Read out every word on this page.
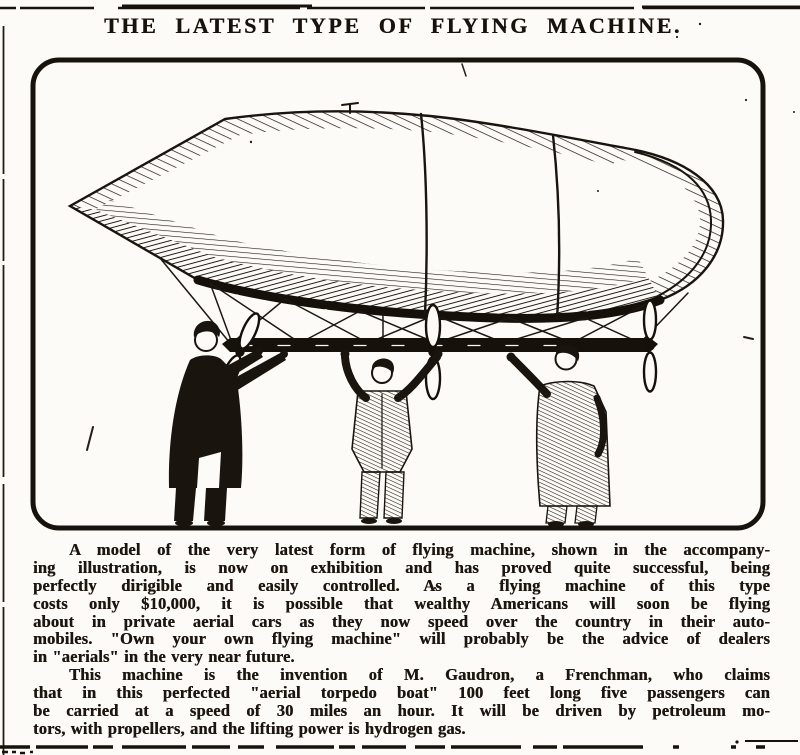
THE LATEST TYPE OF FLYING MACHINE.
A model of the very latest form of flying machine, shown in the accompany-
ing illustration, is now on exhibition and has proved quite successful, being
perfectly dirigible and easily controlled. As a flying machine of this type
costs only $10,000, it is possible that wealthy Americans will soon be flying
about in private aerial cars as they now speed over the country in their auto-
mobiles. "Own your own flying machine" will probably be the advice of dealers
in "aerials" in the very near future.
This machine is the invention of M. Gaudron, a Frenchman, who claims
that in this perfected "aerial torpedo boat" 100 feet long five passengers can
be carried at a speed of 30 miles an hour. It will be driven by petroleum mo-
tors, with propellers, and the lifting power is hydrogen gas.
